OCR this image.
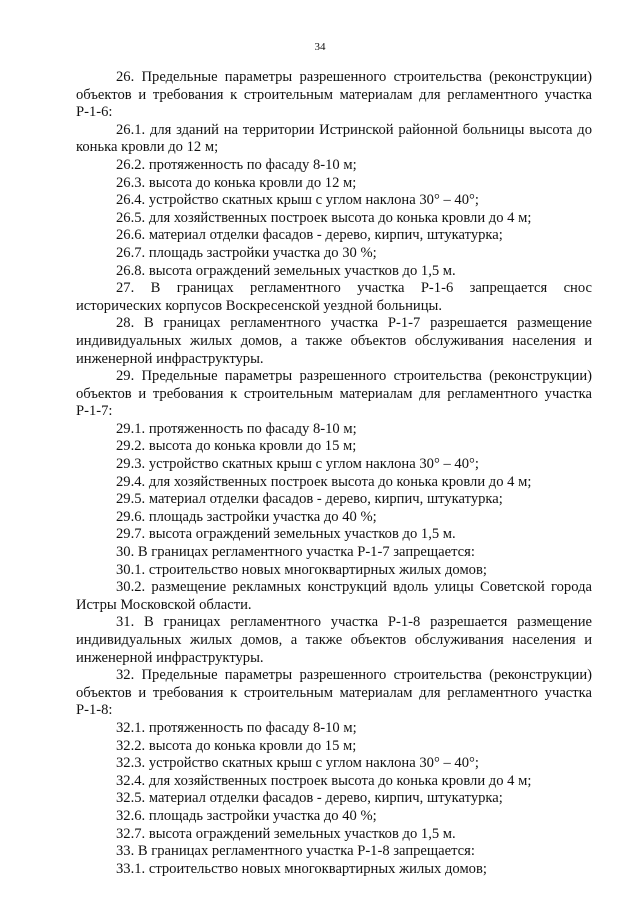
34

26. Предельные параметры разрешенного строительства (реконструкции) объектов и требования к строительным материалам для регламентного участка Р-1-6:

26.1. для зданий на территории Истринской районной больницы высота до конька кровли до 12 м;

26.2. протяженность по фасаду 8-10 м;

26.3. высота до конька кровли до 12 м;

26.4. устройство скатных крыш с углом наклона 30° – 40°;

26.5. для хозяйственных построек высота до конька кровли до 4 м;

26.6. материал отделки фасадов - дерево, кирпич, штукатурка;

26.7. площадь застройки участка до 30 %;

26.8. высота ограждений земельных участков до 1,5 м.

27. В границах регламентного участка Р-1-6 запрещается снос исторических корпусов Воскресенской уездной больницы.

28. В границах регламентного участка Р-1-7 разрешается размещение индивидуальных жилых домов, а также объектов обслуживания населения и инженерной инфраструктуры.

29. Предельные параметры разрешенного строительства (реконструкции) объектов и требования к строительным материалам для регламентного участка Р-1-7:

29.1. протяженность по фасаду 8-10 м;

29.2. высота до конька кровли до 15 м;

29.3. устройство скатных крыш с углом наклона 30° – 40°;

29.4. для хозяйственных построек высота до конька кровли до 4 м;

29.5. материал отделки фасадов - дерево, кирпич, штукатурка;

29.6. площадь застройки участка до 40 %;

29.7. высота ограждений земельных участков до 1,5 м.

30. В границах регламентного участка Р-1-7 запрещается:

30.1. строительство новых многоквартирных жилых домов;

30.2. размещение рекламных конструкций вдоль улицы Советской города Истры Московской области.

31. В границах регламентного участка Р-1-8 разрешается размещение индивидуальных жилых домов, а также объектов обслуживания населения и инженерной инфраструктуры.

32. Предельные параметры разрешенного строительства (реконструкции) объектов и требования к строительным материалам для регламентного участка Р-1-8:

32.1. протяженность по фасаду 8-10 м;

32.2. высота до конька кровли до 15 м;

32.3. устройство скатных крыш с углом наклона 30° – 40°;

32.4. для хозяйственных построек высота до конька кровли до 4 м;

32.5. материал отделки фасадов - дерево, кирпич, штукатурка;

32.6. площадь застройки участка до 40 %;

32.7. высота ограждений земельных участков до 1,5 м.

33. В границах регламентного участка Р-1-8 запрещается:

33.1. строительство новых многоквартирных жилых домов;
